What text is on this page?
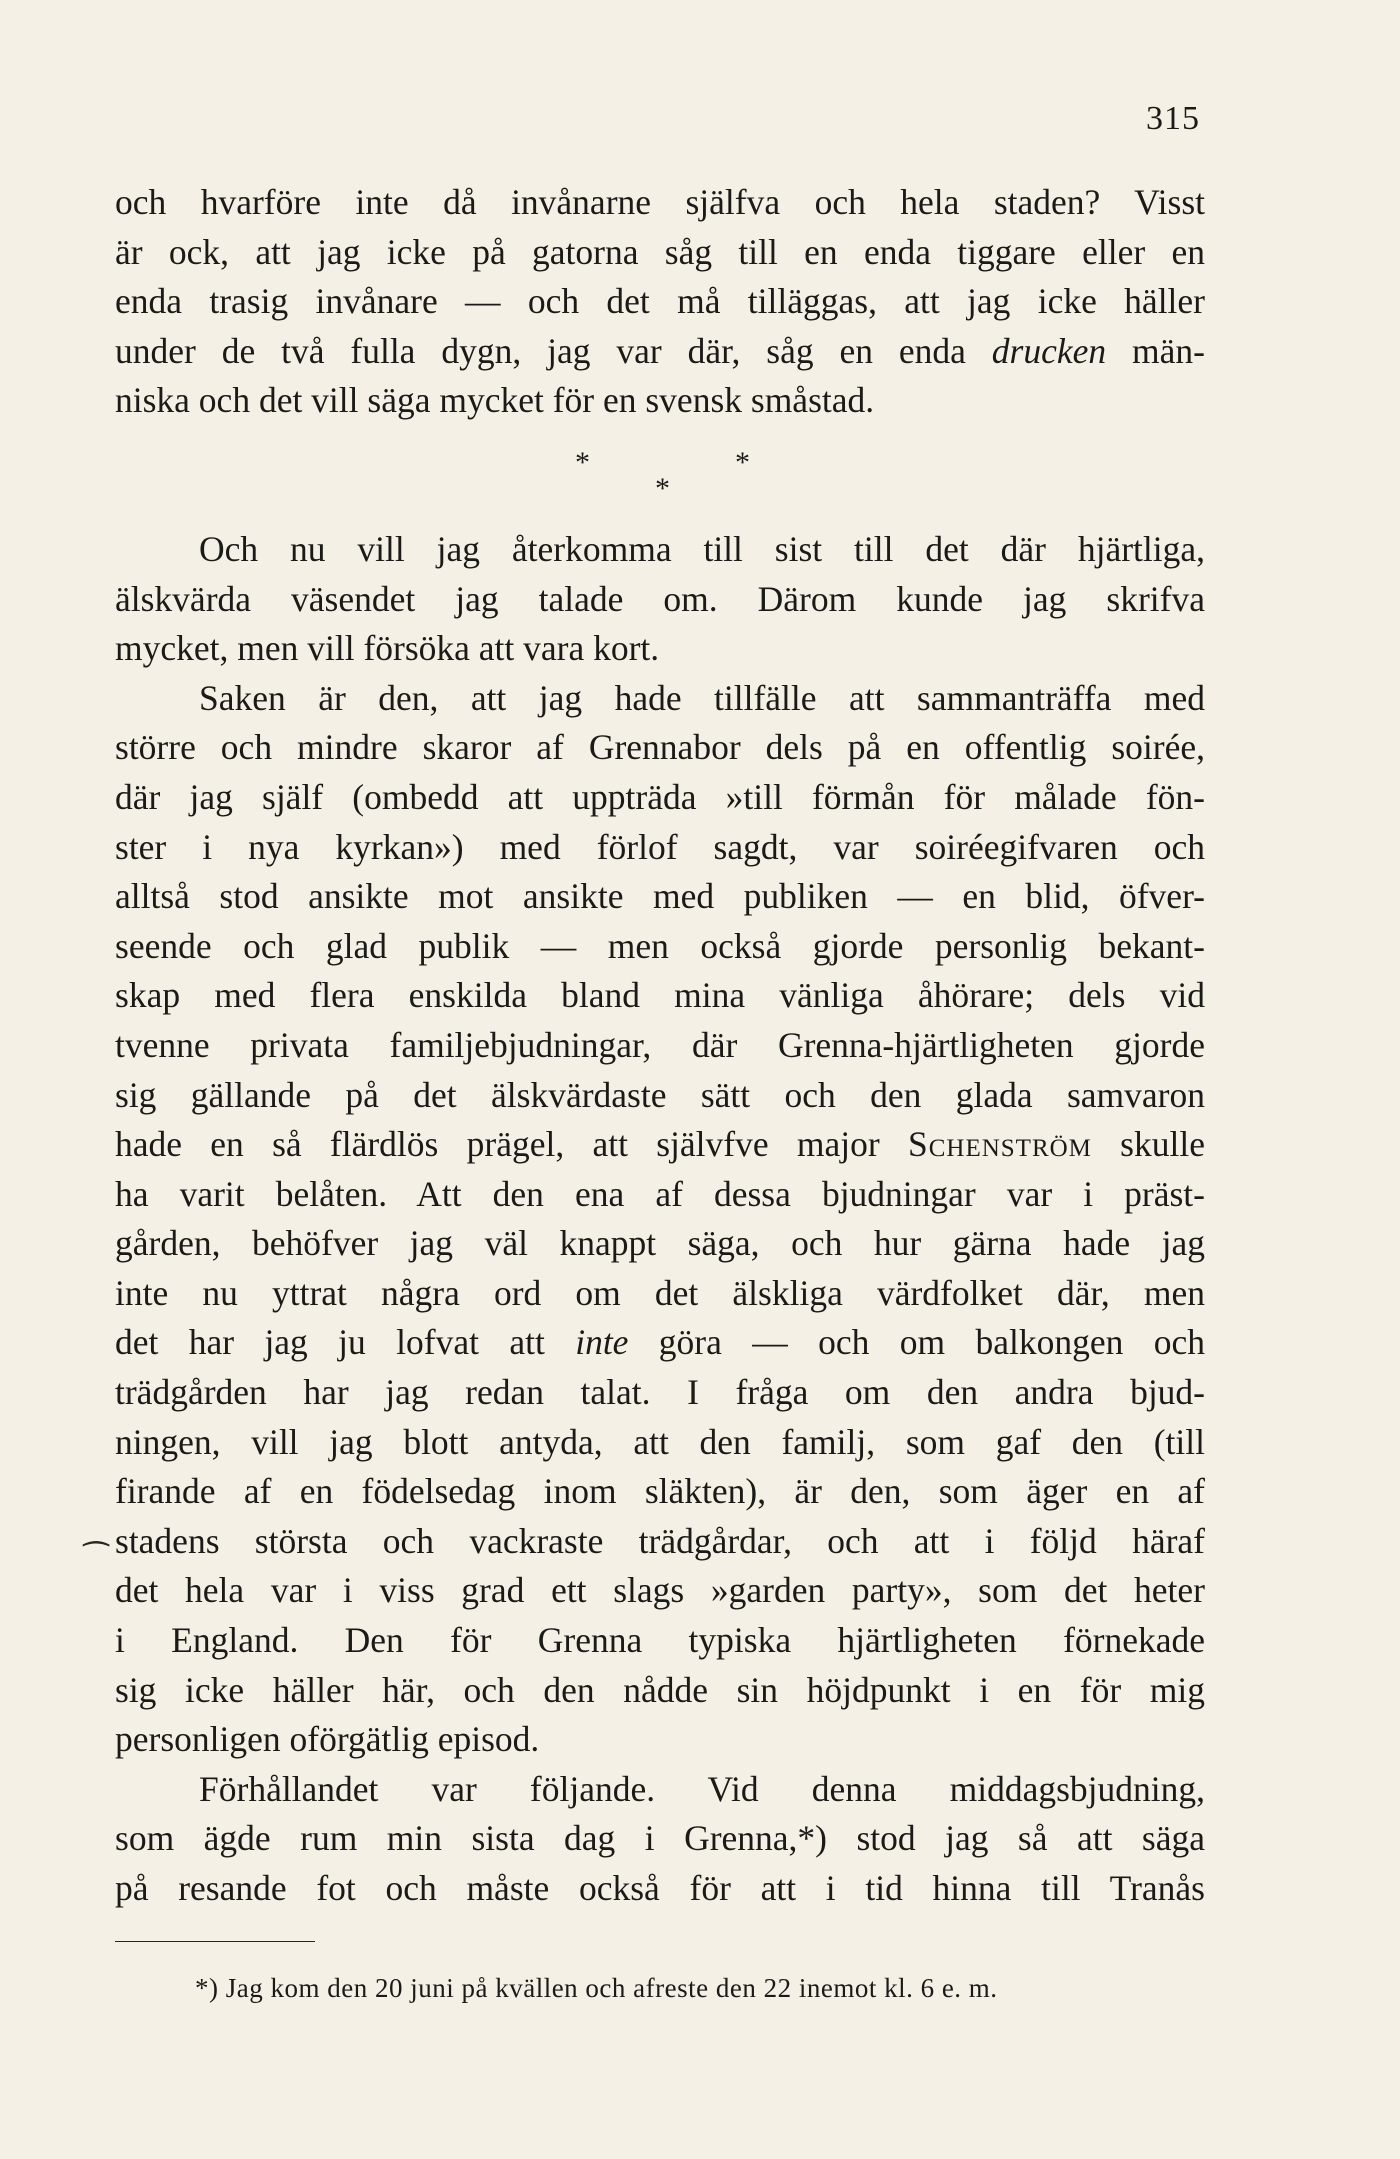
315
⁀
och hvarföre inte då invånarne själfva och hela staden? Visst
är ock, att jag icke på gatorna såg till en enda tiggare eller en
enda trasig invånare — och det må tilläggas, att jag icke häller
under de två fulla dygn, jag var där, såg en enda drucken män-
niska och det vill säga mycket för en svensk småstad.
*	*
*
Och nu vill jag återkomma till sist till det där hjärtliga,
älskvärda väsendet jag talade om. Därom kunde jag skrifva
mycket, men vill försöka att vara kort.
Saken är den, att jag hade tillfälle att sammanträffa med
större och mindre skaror af Grennabor dels på en offentlig soirée,
där jag själf (ombedd att uppträda »till förmån för målade fön-
ster i nya kyrkan») med förlof sagdt, var soiréegifvaren och
alltså stod ansikte mot ansikte med publiken — en blid, öfver-
seende och glad publik — men också gjorde personlig bekant-
skap med flera enskilda bland mina vänliga åhörare; dels vid
tvenne privata familjebjudningar, där Grenna-hjärtligheten gjorde
sig gällande på det älskvärdaste sätt och den glada samvaron
hade en så flärdlös prägel, att självfve major Schenström skulle
ha varit belåten. Att den ena af dessa bjudningar var i präst-
gården, behöfver jag väl knappt säga, och hur gärna hade jag
inte nu yttrat några ord om det älskliga värdfolket där, men
det har jag ju lofvat att inte göra — och om balkongen och
trädgården har jag redan talat. I fråga om den andra bjud-
ningen, vill jag blott antyda, att den familj, som gaf den (till
firande af en födelsedag inom släkten), är den, som äger en af
stadens största och vackraste trädgårdar, och att i följd häraf
det hela var i viss grad ett slags »garden party», som det heter
i England. Den för Grenna typiska hjärtligheten förnekade
sig icke häller här, och den nådde sin höjdpunkt i en för mig
personligen oförgätlig episod.
Förhållandet var följande. Vid denna middagsbjudning,
som ägde rum min sista dag i Grenna,*) stod jag så att säga
på resande fot och måste också för att i tid hinna till Tranås
*) Jag kom den 20 juni på kvällen och afreste den 22 inemot kl. 6 e. m.
